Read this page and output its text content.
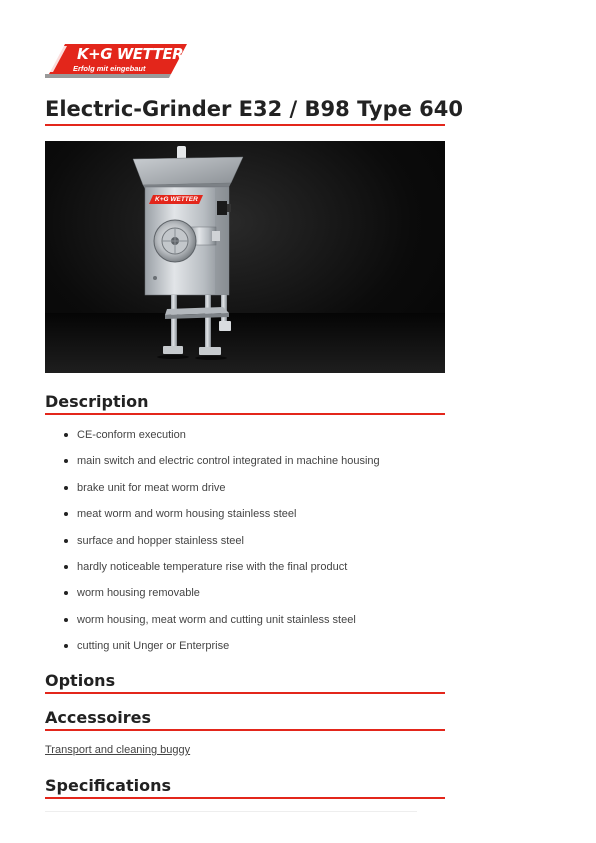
K+G WETTER
Erfolg mit eingebaut
Electric-Grinder E32 / B98 Type 640
K+G WETTER
Description
CE-conform execution
main switch and electric control integrated in machine housing
brake unit for meat worm drive
meat worm and worm housing stainless steel
surface and hopper stainless steel
hardly noticeable temperature rise with the final product
worm housing removable
worm housing, meat worm and cutting unit stainless steel
cutting unit Unger or Enterprise
Options
Accessoires
Transport and cleaning buggy
Specifications
